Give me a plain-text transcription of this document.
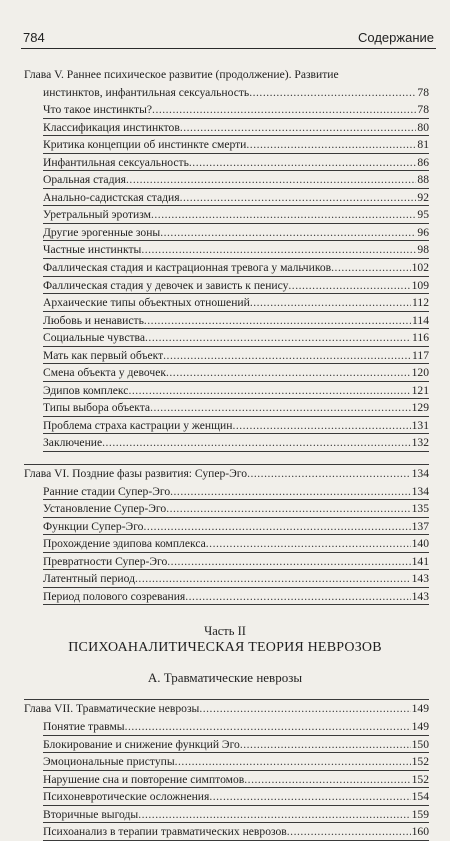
784	Содержание
Глава V. Раннее психическое развитие (продолжение). Развитие
инстинктов, инфантильная сексуальность .....	78
Что такое инстинкты? .....	78
Классификация инстинктов .....	80
Критика концепции об инстинкте смерти .....	81
Инфантильная сексуальность .....	86
Оральная стадия .....	88
Анально-садистская стадия .....	92
Уретральный эротизм .....	95
Другие эрогенные зоны .....	96
Частные инстинкты .....	98
Фаллическая стадия и кастрационная тревога у мальчиков .....	102
Фаллическая стадия у девочек и зависть к пенису .....	109
Архаические типы объектных отношений .....	112
Любовь и ненависть .....	114
Социальные чувства .....	116
Мать как первый объект .....	117
Смена объекта у девочек .....	120
Эдипов комплекс .....	121
Типы выбора объекта .....	129
Проблема страха кастрации у женщин .....	131
Заключение .....	132
Глава VI. Поздние фазы развития: Супер-Эго .....	134
Ранние стадии Супер-Эго .....	134
Установление Супер-Эго .....	135
Функции Супер-Эго .....	137
Прохождение эдипова комплекса .....	140
Превратности Супер-Эго .....	141
Латентный период .....	143
Период полового созревания .....	143
Часть II
ПСИХОАНАЛИТИЧЕСКАЯ ТЕОРИЯ НЕВРОЗОВ
А. Травматические неврозы
Глава VII. Травматические неврозы .....	149
Понятие травмы .....	149
Блокирование и снижение функций Эго .....	150
Эмоциональные приступы .....	152
Нарушение сна и повторение симптомов .....	152
Психоневротические осложнения .....	154
Вторичные выгоды .....	159
Психоанализ в терапии травматических неврозов .....	160
